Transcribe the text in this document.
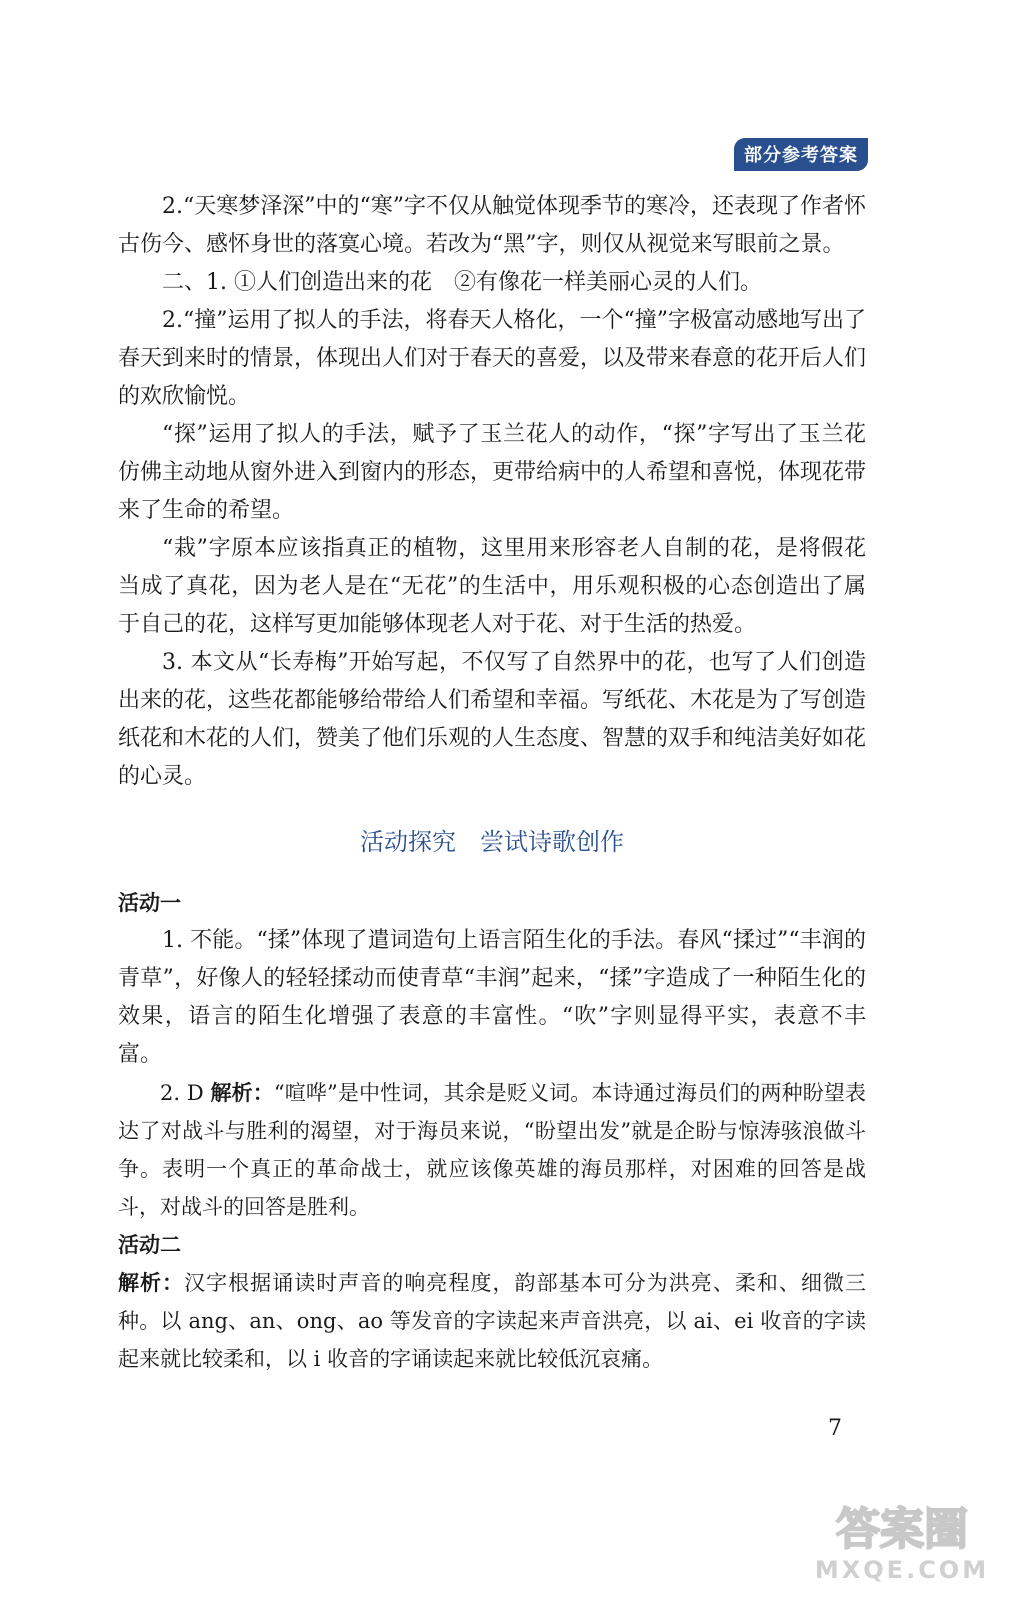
部分参考答案

2.“天寒梦泽深”中的“寒”字不仅从触觉体现季节的寒冷，还表现了作者怀古伤今、感怀身世的落寞心境。若改为“黑”字，则仅从视觉来写眼前之景。

二、1. ①人们创造出来的花　②有像花一样美丽心灵的人们。

2.“撞”运用了拟人的手法，将春天人格化，一个“撞”字极富动感地写出了春天到来时的情景，体现出人们对于春天的喜爱，以及带来春意的花开后人们的欢欣愉悦。

“探”运用了拟人的手法，赋予了玉兰花人的动作，“探”字写出了玉兰花仿佛主动地从窗外进入到窗内的形态，更带给病中的人希望和喜悦，体现花带来了生命的希望。

“栽”字原本应该指真正的植物，这里用来形容老人自制的花，是将假花当成了真花，因为老人是在“无花”的生活中，用乐观积极的心态创造出了属于自己的花，这样写更加能够体现老人对于花、对于生活的热爱。

3. 本文从“长寿梅”开始写起，不仅写了自然界中的花，也写了人们创造出来的花，这些花都能够给带给人们希望和幸福。写纸花、木花是为了写创造纸花和木花的人们，赞美了他们乐观的人生态度、智慧的双手和纯洁美好如花的心灵。

活动探究　尝试诗歌创作
活动一

1. 不能。“揉”体现了遣词造句上语言陌生化的手法。春风“揉过”“丰润的青草”，好像人的轻轻揉动而使青草“丰润”起来，“揉”字造成了一种陌生化的效果，语言的陌生化增强了表意的丰富性。“吹”字则显得平实，表意不丰富。

2. D 解析：“喧哗”是中性词，其余是贬义词。本诗通过海员们的两种盼望表达了对战斗与胜利的渴望，对于海员来说，“盼望出发”就是企盼与惊涛骇浪做斗争。表明一个真正的革命战士，就应该像英雄的海员那样，对困难的回答是战斗，对战斗的回答是胜利。

活动二

解析：汉字根据诵读时声音的响亮程度，韵部基本可分为洪亮、柔和、细微三种。以 ang、an、ong、ao 等发音的字读起来声音洪亮，以 ai、ei 收音的字读起来就比较柔和，以 i 收音的字诵读起来就比较低沉哀痛。

7
答案圈
MXQE.COM
